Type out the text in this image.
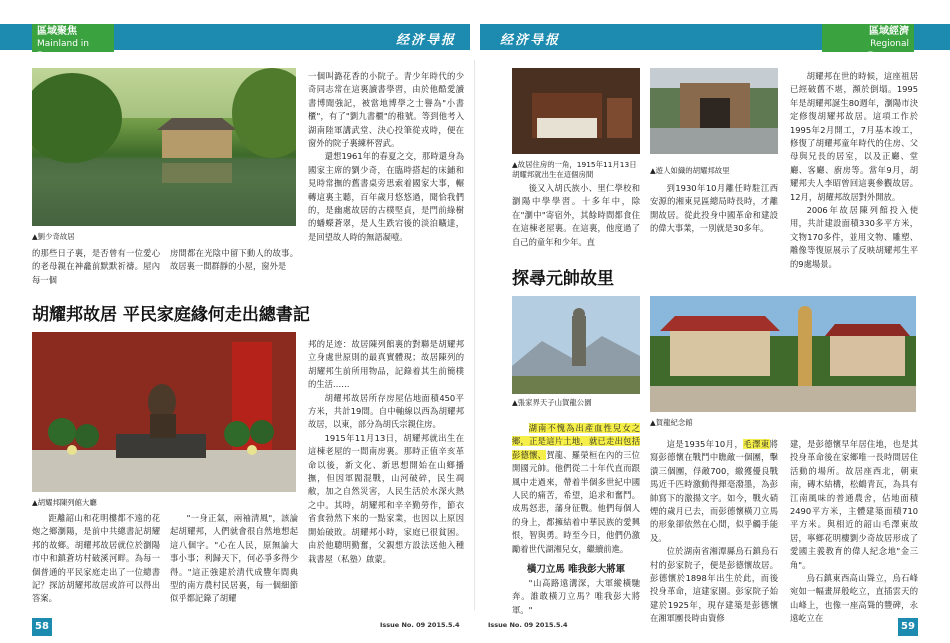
區域聚焦
Mainland in Focus
经济导报	经济导报
區域經濟
Regional Economy
▲劉少奇故居
的那些日子裏，是否曾有一位愛心的老母親在神龕前默默祈禱。屋內每一個
房間都在光陰中留下動人的故事。故居裏一間群靜的小屋，窗外是
一個叫潞花香的小院子。青少年時代的少奇同志常在這裏讀書學習，由於他酷愛讀書博聞強記，被當地博學之士譽為"小書櫃"，有了"劉九書櫃"的稚號。等到他考入湖南陸軍講武堂、決心投筆從戎時，便在窗外的院子裏練杯習武。

還想1961年的春夏之交，那時還身為國家主席的劉少奇，在臨時搭起的床鋪和見時常撫的舊書桌旁思索着國家大事，輾轉這裏主聽，百年歲月悠悠過，聞恰我們的，是幽處故居的古樸堅貞，是門前綠樹的蟠蠑蒼翠，是人生跌宕後的淡泊曠達，是回望故人時的無語凝噎。

胡耀邦故居 平民家庭緣何走出總書記
▲胡耀邦陳列館大廳

距離韶山和花明樓都不遠的花炮之鄉瀏陽，是前中共總書記胡耀邦的故鄉。胡耀邦故居就位於瀏陽市中和鎮蒼坊村破溪河畔。為每一個普通的平民家庭走出了一位總書記？探訪胡耀邦故居或許可以得出答案。

"一身正氣，兩袖清風"，該論起胡耀邦，人們就會很自然地想起這八個字。"心在人民，原無論大事小事；利歸天下，何必爭多得少得。"這正強建於清代成豐年間典型的南方農村民居裏，每一個細節似乎都記錄了胡耀

邦的足迹：故居陳列館裏的對聯是胡耀邦立身處世原則的最真實體現；故居陳列的胡耀邦生前所用物品，記錄着其生前簡樸的生活……

胡耀邦故居所存房屋佔地面積450平方米，共計19間。自中軸線以西為胡耀邦故居，以東，部分為胡氏宗親住房。

1915年11月13日，胡耀邦就出生在這棟老屋的一間南房裏。那時正值辛亥革命以後，新文化、新思想開始在山鄉播撫，但因軍閥混戰，山河破碎，民生凋敝，加之自然災害，人民生活於水深火熱之中。其時，胡耀邦和辛辛勤勞作，節衣省食勃然下來的一點家業，也因以上原因開始破敗。胡耀邦小時，家庭已很貧困。由於他聰明勤奮，父親想方設法送他入種栽書屋（私塾）啟蒙。

▲故居住房的一角，1915年11月13日胡耀邦就出生在這個房間	▲遊人如織的胡耀邦故里

後又入胡氏族小、里仁學校和瀏陽中學學習。十多年中，除在"瀏中"寄宿外，其餘時間都食住在這棟老屋裏。在這裏，他度過了自己的童年和少年。直

到1930年10月離任時駐江西安源的湘東見區總局時長時，才離開故居。從此投身中國革命和建設的偉大事業，一別就是30多年。

胡耀邦在世的時候，這座祖居已經破舊不堪，瀕於倒塌。1995年是胡耀邦誕生80週年，瀏陽市決定修復胡耀邦故居。這項工作於1995年2月開工，7月基本竣工，修復了胡耀邦童年時代的住房、父母與兄長的居室，以及正廳、堂廳、客廳、廚房等。當年9月，胡耀邦夫人李昭曾回這裏參觀故居。12月，胡耀邦故居對外開放。

2006年故居陳列館投入使用，共計建設面積330多平方米，文物170多件，並用文物、雕塑、雕像等復原展示了反映胡耀邦生平的9處場景。

探尋元帥故里
▲張家界天子山賀龍公園
▲賀龍紀念館

湖南不愧為出產血性兒女之鄉，正是這片土地，就已走出包括彭德懷、賀龍、羅榮桓在內的三位開國元帥。他們從二十年代直而跟風中走過來，帶着半個多世紀中國人民的痛苦，希望，追求和奮鬥。成馬怒悲，藩身征戰。他們每個人的身上，都擁結着中華民族的愛興恨，智與勇。時至今日，他們仍激勵着世代湖湘兒女，繼續前進。

橫刀立馬 唯我彭大將軍

"山高路遠溝深，大軍縱橫馳奔。誰敢橫刀立馬？唯我彭大將軍。"

這是1935年10月，毛澤東將寫彭德懷在戰鬥中瞧敵一個團，擊潰三個團，俘敵700，繳獲優良戰馬近千匹時激動得揮毫潑墨，為彭帥寫下的激揚文字。如今，戰火硝煙的歲月已去，而彭德懷橫刀立馬的形象卻依然在心間，似乎觸手能及。

位於湖南省湘潭縣烏石鎮烏石村的彭家院子，便是彭德懷故居。彭德懷於1898年出生於此，而後投身革命，這建家園。彭家院子始建於1925年，現存建築是彭德懷在湘軍團長時由資修

建，是彭德懷早年居住地，也是其投身革命後在家鄉唯一長時間居住活動的場所。故居座西北，朝東南，磚木結構，松鶴青瓦，為具有江南風味的普通農舍，佔地面積2490平方米，主體建築面積710平方米。與相近的韶山毛澤東故居，寧鄉花明樓劉少奇故居形成了愛國主義教育的偉人紀念地"金三角"。

烏石鎮東西高山聳立，烏石峰宛如一幅畫屏般屹立，直插雲天的山峰上，也像一座高聳的豐碑，永遠屹立在

58	Issue No. 09 2015.5.4	Issue No. 09 2015.5.4	59
